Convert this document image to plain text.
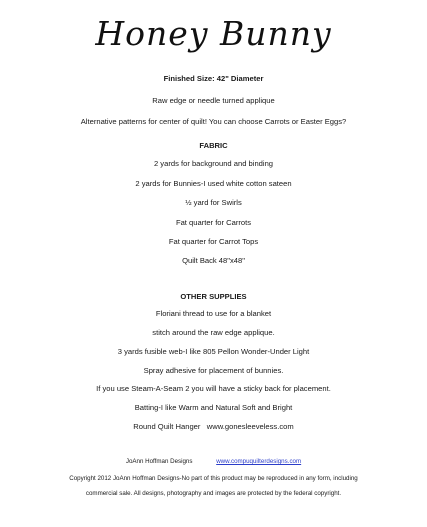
Honey Bunny
Finished Size: 42" Diameter
Raw edge or needle turned applique
Alternative patterns for center of quilt! You can choose Carrots or Easter Eggs?
FABRIC
2 yards for background and binding
2 yards for Bunnies-I used white cotton sateen
½ yard for Swirls
Fat quarter for Carrots
Fat quarter for Carrot Tops
Quilt Back 48"x48"
OTHER SUPPLIES
Floriani thread to use for a blanket
stitch around the raw edge applique.
3 yards fusible web-I like 805 Pellon Wonder-Under Light
Spray adhesive for placement of bunnies.
If you use Steam-A-Seam 2 you will have a sticky back for placement.
Batting-I like Warm and Natural Soft and Bright
Round Quilt Hanger   www.gonesleeveless.com
JoAnn Hoffman Designs	www.compuquilterdesigns.com
Copyright 2012 JoAnn Hoffman Designs-No part of this product may be reproduced in any form, including
commercial sale. All designs, photography and images are protected by the federal copyright.
